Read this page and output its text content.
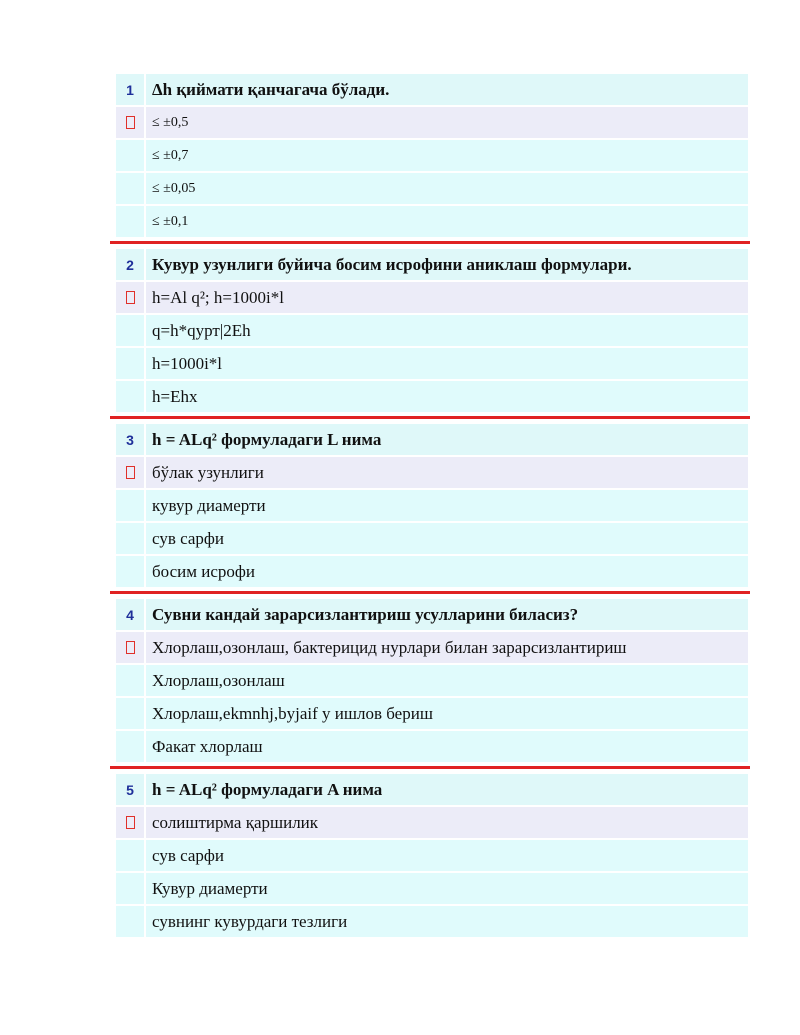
1	Δh қиймати қанчагача бўлади.
≤ ±0,5
≤ ±0,7
≤ ±0,05
≤ ±0,1
2	Кувур узунлиги буйича босим исрофини аниклаш формулари.
h=Al q²; h=1000i*l
q=h*qурт|2Eh
h=1000i*l
h=Ehx
3	h = ALq² формуладаги L нима
бўлак узунлиги
кувур диамерти
сув сарфи
босим исрофи
4	Сувни кандай зарарсизлантириш усулларини биласиз?
Хлорлаш,озонлаш, бактерицид нурлари билан зарарсизлантириш
Хлорлаш,озонлаш
Хлорлаш,ekmnhj,byjaif у ишлов бериш
Факат хлорлаш
5	h = ALq² формуладаги A нима
солиштирма қаршилик
сув сарфи
Кувур диамерти
сувнинг кувурдаги тезлиги
